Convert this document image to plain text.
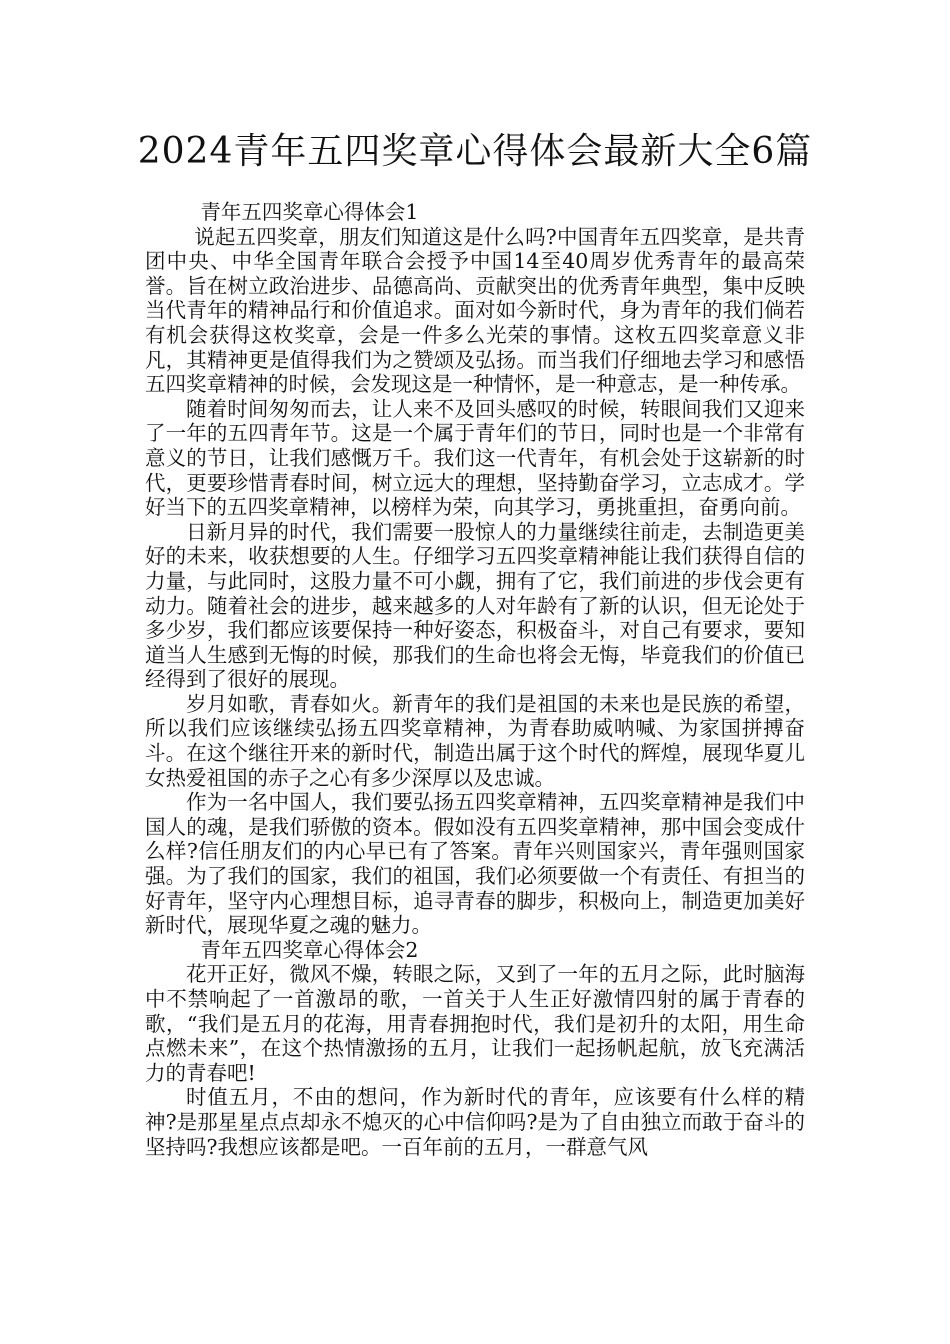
2024青年五四奖章心得体会最新大全6篇

青年五四奖章心得体会1

说起五四奖章，朋友们知道这是什么吗?中国青年五四奖章，是共青团中央、中华全国青年联合会授予中国14至40周岁优秀青年的最高荣誉。旨在树立政治进步、品德高尚、贡献突出的优秀青年典型，集中反映当代青年的精神品行和价值追求。面对如今新时代，身为青年的我们倘若有机会获得这枚奖章，会是一件多么光荣的事情。这枚五四奖章意义非凡，其精神更是值得我们为之赞颂及弘扬。而当我们仔细地去学习和感悟五四奖章精神的时候，会发现这是一种情怀，是一种意志，是一种传承。

随着时间匆匆而去，让人来不及回头感叹的时候，转眼间我们又迎来了一年的五四青年节。这是一个属于青年们的节日，同时也是一个非常有意义的节日，让我们感慨万千。我们这一代青年，有机会处于这崭新的时代，更要珍惜青春时间，树立远大的理想，坚持勤奋学习，立志成才。学好当下的五四奖章精神，以榜样为荣，向其学习，勇挑重担，奋勇向前。

日新月异的时代，我们需要一股惊人的力量继续往前走，去制造更美好的未来，收获想要的人生。仔细学习五四奖章精神能让我们获得自信的力量，与此同时，这股力量不可小觑，拥有了它，我们前进的步伐会更有动力。随着社会的进步，越来越多的人对年龄有了新的认识，但无论处于多少岁，我们都应该要保持一种好姿态，积极奋斗，对自己有要求，要知道当人生感到无悔的时候，那我们的生命也将会无悔，毕竟我们的价值已经得到了很好的展现。

岁月如歌，青春如火。新青年的我们是祖国的未来也是民族的希望，所以我们应该继续弘扬五四奖章精神，为青春助威呐喊、为家国拼搏奋斗。在这个继往开来的新时代，制造出属于这个时代的辉煌，展现华夏儿女热爱祖国的赤子之心有多少深厚以及忠诚。

作为一名中国人，我们要弘扬五四奖章精神，五四奖章精神是我们中国人的魂，是我们骄傲的资本。假如没有五四奖章精神，那中国会变成什么样?信任朋友们的内心早已有了答案。青年兴则国家兴，青年强则国家强。为了我们的国家，我们的祖国，我们必须要做一个有责任、有担当的好青年，坚守内心理想目标，追寻青春的脚步，积极向上，制造更加美好新时代，展现华夏之魂的魅力。

青年五四奖章心得体会2

花开正好，微风不燥，转眼之际，又到了一年的五月之际，此时脑海中不禁响起了一首激昂的歌，一首关于人生正好激情四射的属于青春的歌，“我们是五月的花海，用青春拥抱时代，我们是初升的太阳，用生命点燃未来”，在这个热情激扬的五月，让我们一起扬帆起航，放飞充满活力的青春吧!

时值五月，不由的想问，作为新时代的青年，应该要有什么样的精神?是那星星点点却永不熄灭的心中信仰吗?是为了自由独立而敢于奋斗的坚持吗?我想应该都是吧。一百年前的五月，一群意气风
